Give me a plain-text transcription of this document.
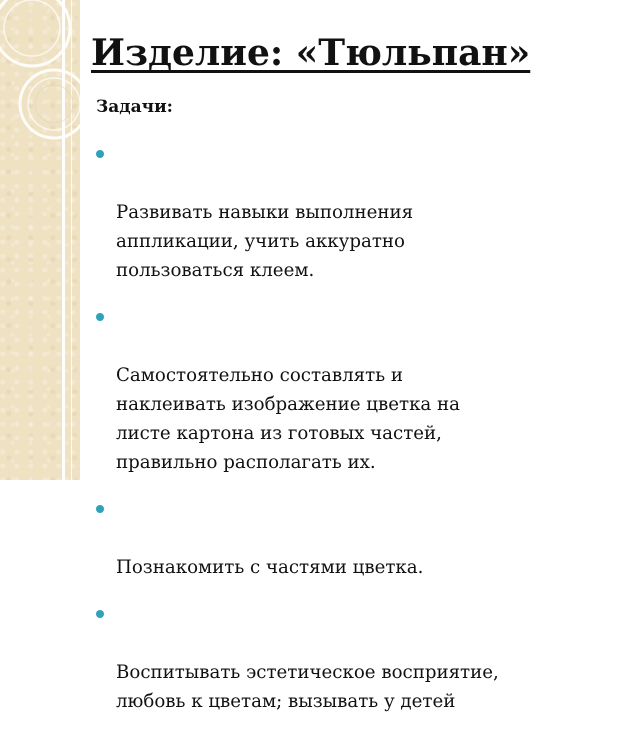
Изделие: «Тюльпан»
Задачи:

Развивать навыки выполнения
аппликации, учить аккуратно
пользоваться клеем.

Самостоятельно составлять и
наклеивать изображение цветка на
листе картона из готовых частей,
правильно располагать их.

Познакомить с частями цветка.

Воспитывать эстетическое восприятие,
любовь к цветам; вызывать у детей
